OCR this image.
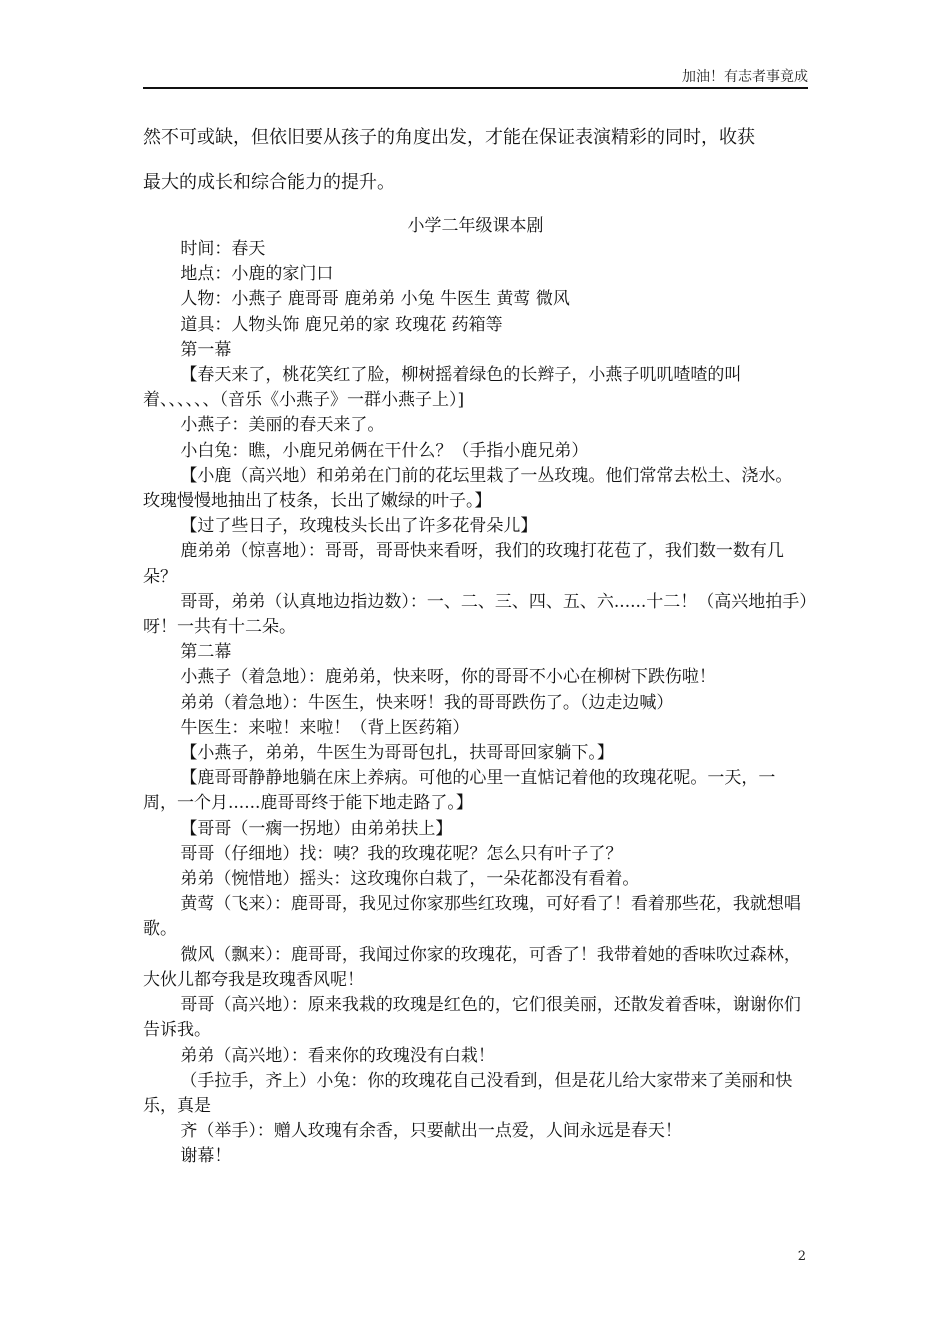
加油！有志者事竟成
然不可或缺，但依旧要从孩子的角度出发，才能在保证表演精彩的同时，收获
最大的成长和综合能力的提升。
小学二年级课本剧

时间：春天

地点：小鹿的家门口

人物：小燕子 鹿哥哥 鹿弟弟 小兔 牛医生 黄莺 微风

道具：人物头饰 鹿兄弟的家 玫瑰花 药箱等

第一幕

【春天来了，桃花笑红了脸，柳树摇着绿色的长辫子，小燕子叽叽喳喳的叫着、、、、、、（音乐《小燕子》一群小燕子上）]

小燕子：美丽的春天来了。

小白兔：瞧，小鹿兄弟俩在干什么？（手指小鹿兄弟）

【小鹿（高兴地）和弟弟在门前的花坛里栽了一丛玫瑰。他们常常去松土、浇水。玫瑰慢慢地抽出了枝条，长出了嫩绿的叶子。】

【过了些日子，玫瑰枝头长出了许多花骨朵儿】

鹿弟弟（惊喜地）：哥哥，哥哥快来看呀，我们的玫瑰打花苞了，我们数一数有几朵？

哥哥，弟弟（认真地边指边数）：一、二、三、四、五、六......十二！（高兴地拍手）呀！一共有十二朵。

第二幕

小燕子（着急地）：鹿弟弟，快来呀，你的哥哥不小心在柳树下跌伤啦！

弟弟（着急地）：牛医生，快来呀！我的哥哥跌伤了。（边走边喊）

牛医生：来啦！来啦！（背上医药箱）

【小燕子，弟弟，牛医生为哥哥包扎，扶哥哥回家躺下。】

【鹿哥哥静静地躺在床上养病。可他的心里一直惦记着他的玫瑰花呢。一天，一周，一个月......鹿哥哥终于能下地走路了。】

【哥哥（一瘸一拐地）由弟弟扶上】

哥哥（仔细地）找：咦？我的玫瑰花呢？怎么只有叶子了？

弟弟（惋惜地）摇头：这玫瑰你白栽了，一朵花都没有看着。

黄莺（飞来）：鹿哥哥，我见过你家那些红玫瑰，可好看了！看着那些花，我就想唱歌。

微风（飘来）：鹿哥哥，我闻过你家的玫瑰花，可香了！我带着她的香味吹过森林，大伙儿都夸我是玫瑰香风呢！

哥哥（高兴地）：原来我栽的玫瑰是红色的，它们很美丽，还散发着香味，谢谢你们告诉我。

弟弟（高兴地）：看来你的玫瑰没有白栽！

（手拉手，齐上）小兔：你的玫瑰花自己没看到，但是花儿给大家带来了美丽和快乐，真是

齐（举手）：赠人玫瑰有余香，只要献出一点爱，人间永远是春天！

谢幕！

2
